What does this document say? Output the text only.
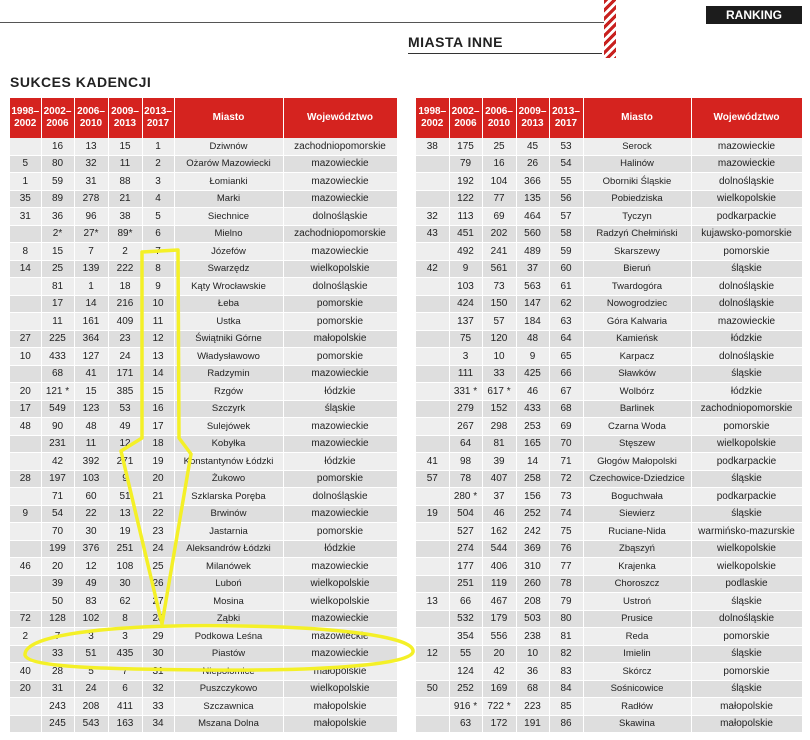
RANKING
MIASTA INNE
SUKCES KADENCJI
1998–2002	2002–2006	2006–2010	2009–2013	2013–2017	Miasto	Województwo
	16	13	15	1	Dziwnów	zachodniopomorskie
5	80	32	11	2	Ożarów Mazowiecki	mazowieckie
1	59	31	88	3	Łomianki	mazowieckie
35	89	278	21	4	Marki	mazowieckie
31	36	96	38	5	Siechnice	dolnośląskie
	2*	27*	89*	6	Mielno	zachodniopomorskie
8	15	7	2	7	Józefów	mazowieckie
14	25	139	222	8	Swarzędz	wielkopolskie
	81	1	18	9	Kąty Wrocławskie	dolnośląskie
	17	14	216	10	Łeba	pomorskie
	11	161	409	11	Ustka	pomorskie
27	225	364	23	12	Świątniki Górne	małopolskie
10	433	127	24	13	Władysławowo	pomorskie
	68	41	171	14	Radzymin	mazowieckie
20	121 *	15	385	15	Rzgów	łódzkie
17	549	123	53	16	Szczyrk	śląskie
48	90	48	49	17	Sulejówek	mazowieckie
	231	11	12	18	Kobyłka	mazowieckie
	42	392	271	19	Konstantynów Łódzki	łódzkie
28	197	103	9	20	Żukowo	pomorskie
	71	60	51	21	Szklarska Poręba	dolnośląskie
9	54	22	13	22	Brwinów	mazowieckie
	70	30	19	23	Jastarnia	pomorskie
	199	376	251	24	Aleksandrów Łódzki	łódzkie
46	20	12	108	25	Milanówek	mazowieckie
	39	49	30	26	Luboń	wielkopolskie
	50	83	62	27	Mosina	wielkopolskie
72	128	102	8	28	Ząbki	mazowieckie
2	7	3	3	29	Podkowa Leśna	mazowieckie
	33	51	435	30	Piastów	mazowieckie
40	28	5	7	31	Niepołomice	małopolskie
20	31	24	6	32	Puszczykowo	wielkopolskie
	243	208	411	33	Szczawnica	małopolskie
	245	543	163	34	Mszana Dolna	małopolskie
1998–2002	2002–2006	2006–2010	2009–2013	2013–2017	Miasto	Województwo
38	175	25	45	53	Serock	mazowieckie
	79	16	26	54	Halinów	mazowieckie
	192	104	366	55	Oborniki Śląskie	dolnośląskie
	122	77	135	56	Pobiedziska	wielkopolskie
32	113	69	464	57	Tyczyn	podkarpackie
43	451	202	560	58	Radzyń Chełmiński	kujawsko-pomorskie
	492	241	489	59	Skarszewy	pomorskie
42	9	561	37	60	Bieruń	śląskie
	103	73	563	61	Twardogóra	dolnośląskie
	424	150	147	62	Nowogrodziec	dolnośląskie
	137	57	184	63	Góra Kalwaria	mazowieckie
	75	120	48	64	Kamieńsk	łódzkie
	3	10	9	65	Karpacz	dolnośląskie
	111	33	425	66	Sławków	śląskie
	331 *	617 *	46	67	Wolbórz	łódzkie
	279	152	433	68	Barlinek	zachodniopomorskie
	267	298	253	69	Czarna Woda	pomorskie
	64	81	165	70	Stęszew	wielkopolskie
41	98	39	14	71	Głogów Małopolski	podkarpackie
57	78	407	258	72	Czechowice-Dziedzice	śląskie
	280 *	37	156	73	Boguchwała	podkarpackie
19	504	46	252	74	Siewierz	śląskie
	527	162	242	75	Ruciane-Nida	warmińsko-mazurskie
	274	544	369	76	Zbąszyń	wielkopolskie
	177	406	310	77	Krajenka	wielkopolskie
	251	119	260	78	Choroszcz	podlaskie
13	66	467	208	79	Ustroń	śląskie
	532	179	503	80	Prusice	dolnośląskie
	354	556	238	81	Reda	pomorskie
12	55	20	10	82	Imielin	śląskie
	124	42	36	83	Skórcz	pomorskie
50	252	169	68	84	Sośnicowice	śląskie
	916 *	722 *	223	85	Radłów	małopolskie
	63	172	191	86	Skawina	małopolskie
